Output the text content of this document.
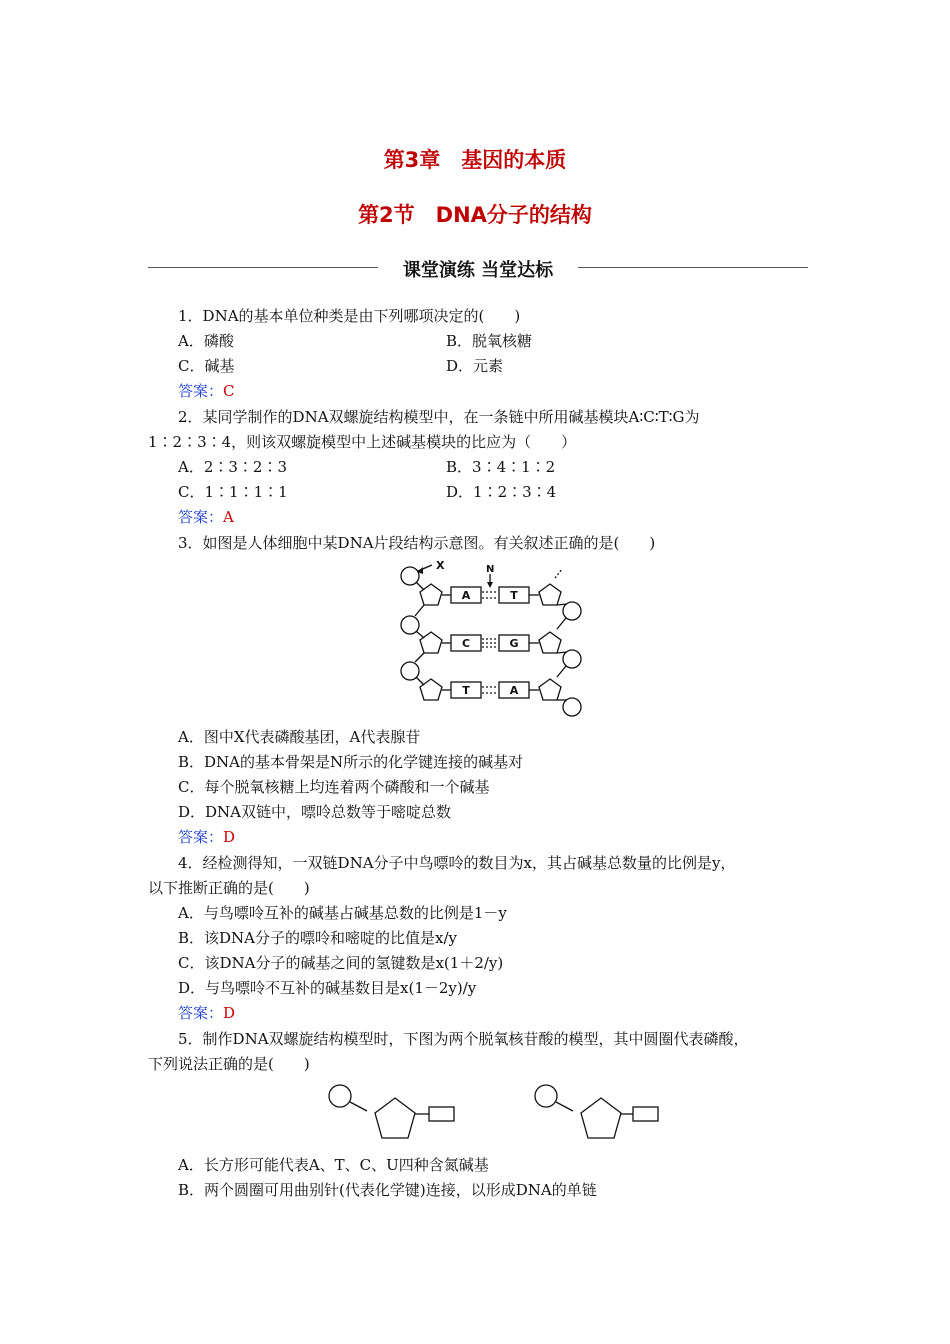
第3章　基因的本质
第2节　DNA分子的结构
课堂演练 当堂达标
1．DNA的基本单位种类是由下列哪项决定的(　　)
A．磷酸	B．脱氧核糖
C．碱基	D．元素
答案：C
2．某同学制作的DNA双螺旋结构模型中，在一条链中所用碱基模块A∶C∶T∶G为
1∶2∶3∶4，则该双螺旋模型中上述碱基模块的比应为（　　）
A．2∶3∶2∶3	B．3∶4∶1∶2
C．1∶1∶1∶1	D．1∶2∶3∶4
答案：A
3．如图是人体细胞中某DNA片段结构示意图。有关叙述正确的是(　　)
X	N
A	T
C	G
T	A
A．图中X代表磷酸基团，A代表腺苷
B．DNA的基本骨架是N所示的化学键连接的碱基对
C．每个脱氧核糖上均连着两个磷酸和一个碱基
D．DNA双链中，嘌呤总数等于嘧啶总数
答案：D
4．经检测得知，一双链DNA分子中鸟嘌呤的数目为x，其占碱基总数量的比例是y，
以下推断正确的是(　　)
A．与鸟嘌呤互补的碱基占碱基总数的比例是1－y
B．该DNA分子的嘌呤和嘧啶的比值是x/y
C．该DNA分子的碱基之间的氢键数是x(1＋2/y)
D．与鸟嘌呤不互补的碱基数目是x(1－2y)/y
答案：D
5．制作DNA双螺旋结构模型时，下图为两个脱氧核苷酸的模型，其中圆圈代表磷酸，
下列说法正确的是(　　)
A．长方形可能代表A、T、C、U四种含氮碱基
B．两个圆圈可用曲别针(代表化学键)连接，以形成DNA的单链
